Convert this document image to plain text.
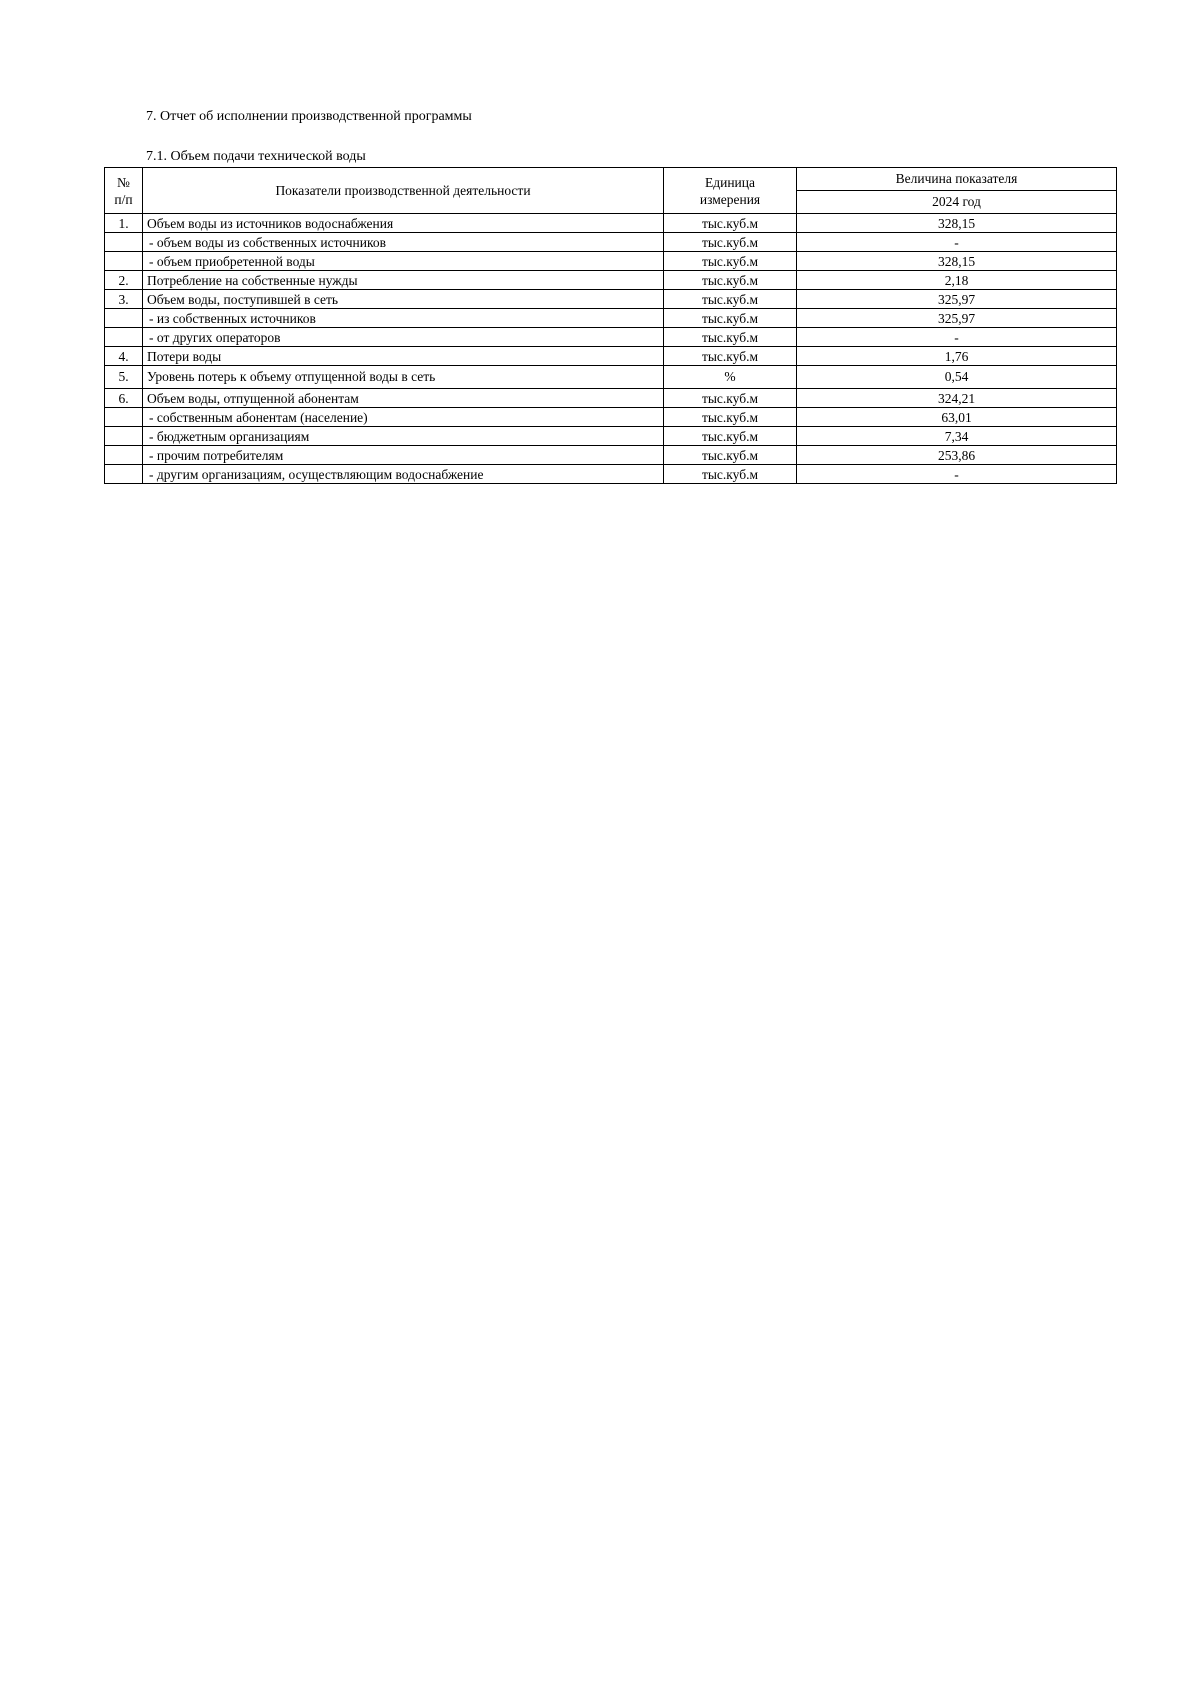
7. Отчет об исполнении производственной программы
7.1. Объем подачи технической воды
№
п/п	Показатели производственной деятельности	Единица
измерения	Величина показателя
			2024 год
1.	Объем воды из источников водоснабжения	тыс.куб.м	328,15
	- объем воды из собственных источников	тыс.куб.м	-
	- объем приобретенной воды	тыс.куб.м	328,15
2.	Потребление на собственные нужды	тыс.куб.м	2,18
3.	Объем воды, поступившей в сеть	тыс.куб.м	325,97
	- из собственных источников	тыс.куб.м	325,97
	- от других операторов	тыс.куб.м	-
4.	Потери воды	тыс.куб.м	1,76
5.	Уровень потерь к объему отпущенной воды в сеть	%	0,54
6.	Объем воды, отпущенной абонентам	тыс.куб.м	324,21
	- собственным абонентам (население)	тыс.куб.м	63,01
	- бюджетным организациям	тыс.куб.м	7,34
	- прочим потребителям	тыс.куб.м	253,86
	- другим организациям, осуществляющим водоснабжение	тыс.куб.м	-
